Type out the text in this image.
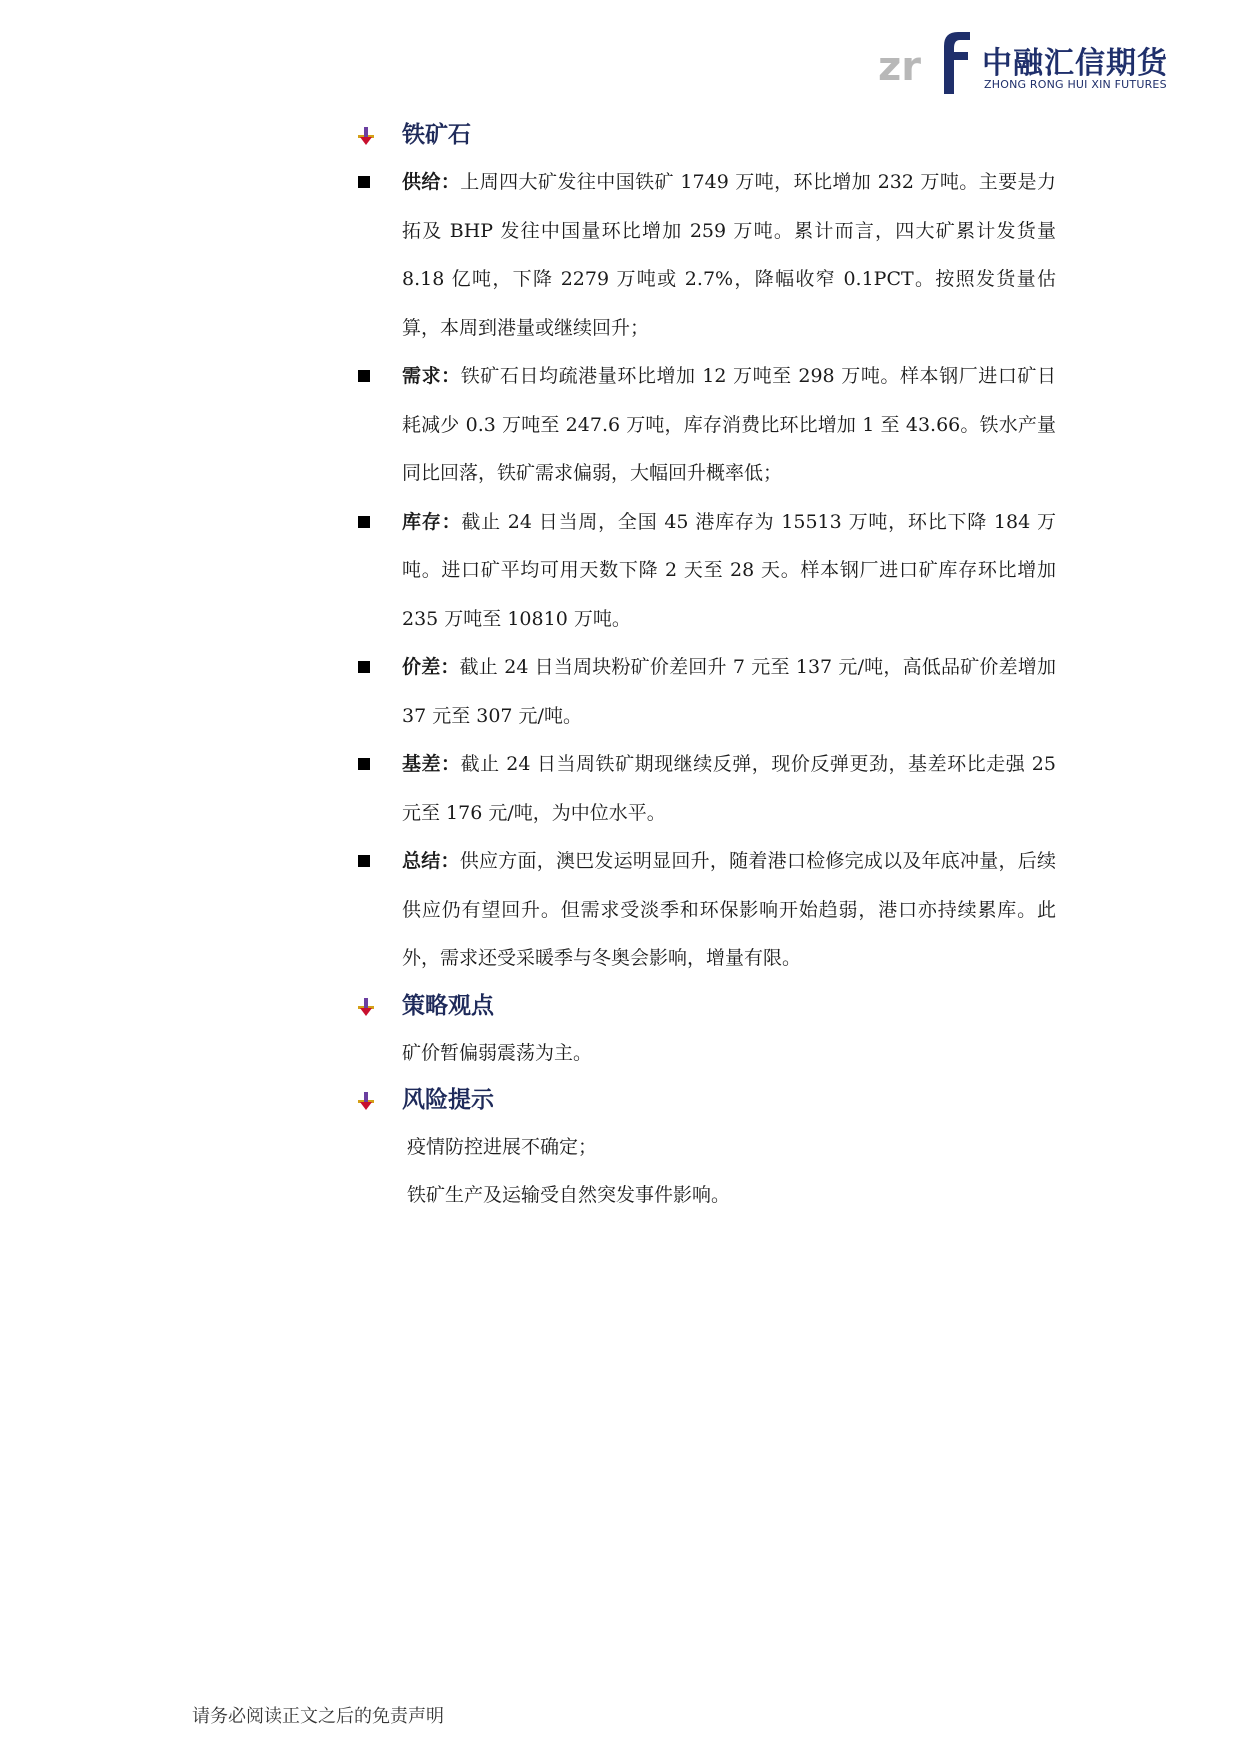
zr 中融汇信期货
ZHONG RONG HUI XIN FUTURES
铁矿石
供给：上周四大矿发往中国铁矿 1749 万吨，环比增加 232 万吨。主要是力拓及 BHP 发往中国量环比增加 259 万吨。累计而言，四大矿累计发货量 8.18 亿吨，下降 2279 万吨或 2.7%，降幅收窄 0.1PCT。按照发货量估算，本周到港量或继续回升；
需求：铁矿石日均疏港量环比增加 12 万吨至 298 万吨。样本钢厂进口矿日耗减少 0.3 万吨至 247.6 万吨，库存消费比环比增加 1 至 43.66。铁水产量同比回落，铁矿需求偏弱，大幅回升概率低；
库存：截止 24 日当周，全国 45 港库存为 15513 万吨，环比下降 184 万吨。进口矿平均可用天数下降 2 天至 28 天。样本钢厂进口矿库存环比增加 235 万吨至 10810 万吨。
价差：截止 24 日当周块粉矿价差回升 7 元至 137 元/吨，高低品矿价差增加 37 元至 307 元/吨。
基差：截止 24 日当周铁矿期现继续反弹，现价反弹更劲，基差环比走强 25 元至 176 元/吨，为中位水平。
总结：供应方面，澳巴发运明显回升，随着港口检修完成以及年底冲量，后续供应仍有望回升。但需求受淡季和环保影响开始趋弱，港口亦持续累库。此外，需求还受采暖季与冬奥会影响，增量有限。
策略观点
矿价暂偏弱震荡为主。
风险提示
疫情防控进展不确定；
铁矿生产及运输受自然突发事件影响。
请务必阅读正文之后的免责声明
